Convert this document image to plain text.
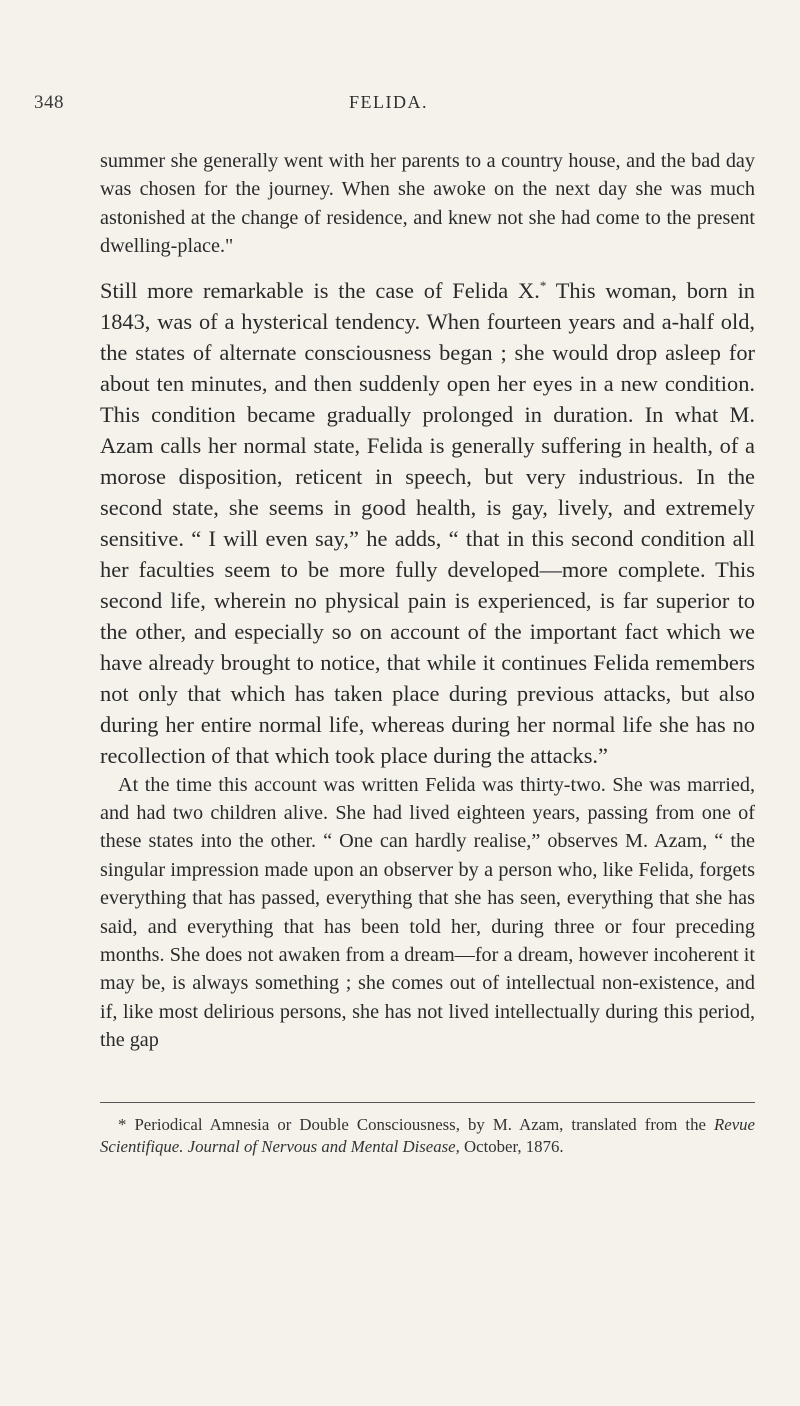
348	FELIDA.

summer she generally went with her parents to a country house, and the bad day was chosen for the journey. When she awoke on the next day she was much astonished at the change of residence, and knew not she had come to the present dwelling-place."

Still more remarkable is the case of Felida X.* This woman, born in 1843, was of a hysterical tendency. When fourteen years and a-half old, the states of alternate consciousness began ; she would drop asleep for about ten minutes, and then suddenly open her eyes in a new condition. This condition became gradually prolonged in duration. In what M. Azam calls her normal state, Felida is generally suffering in health, of a morose disposition, reticent in speech, but very industrious. In the second state, she seems in good health, is gay, lively, and extremely sensitive. “ I will even say,” he adds, “ that in this second condition all her faculties seem to be more fully developed—more complete. This second life, wherein no physical pain is experienced, is far superior to the other, and especially so on account of the important fact which we have already brought to notice, that while it continues Felida remembers not only that which has taken place during previous attacks, but also during her entire normal life, whereas during her normal life she has no recollection of that which took place during the attacks.”

At the time this account was written Felida was thirty-two. She was married, and had two children alive. She had lived eighteen years, passing from one of these states into the other. “ One can hardly realise,” observes M. Azam, “ the singular impression made upon an observer by a person who, like Felida, forgets everything that has passed, everything that she has seen, everything that she has said, and everything that has been told her, during three or four preceding months. She does not awaken from a dream—for a dream, however incoherent it may be, is always something ; she comes out of intellectual non-existence, and if, like most delirious persons, she has not lived intellectually during this period, the gap

* Periodical Amnesia or Double Consciousness, by M. Azam, translated from the Revue Scientifique. Journal of Nervous and Mental Disease, October, 1876.
